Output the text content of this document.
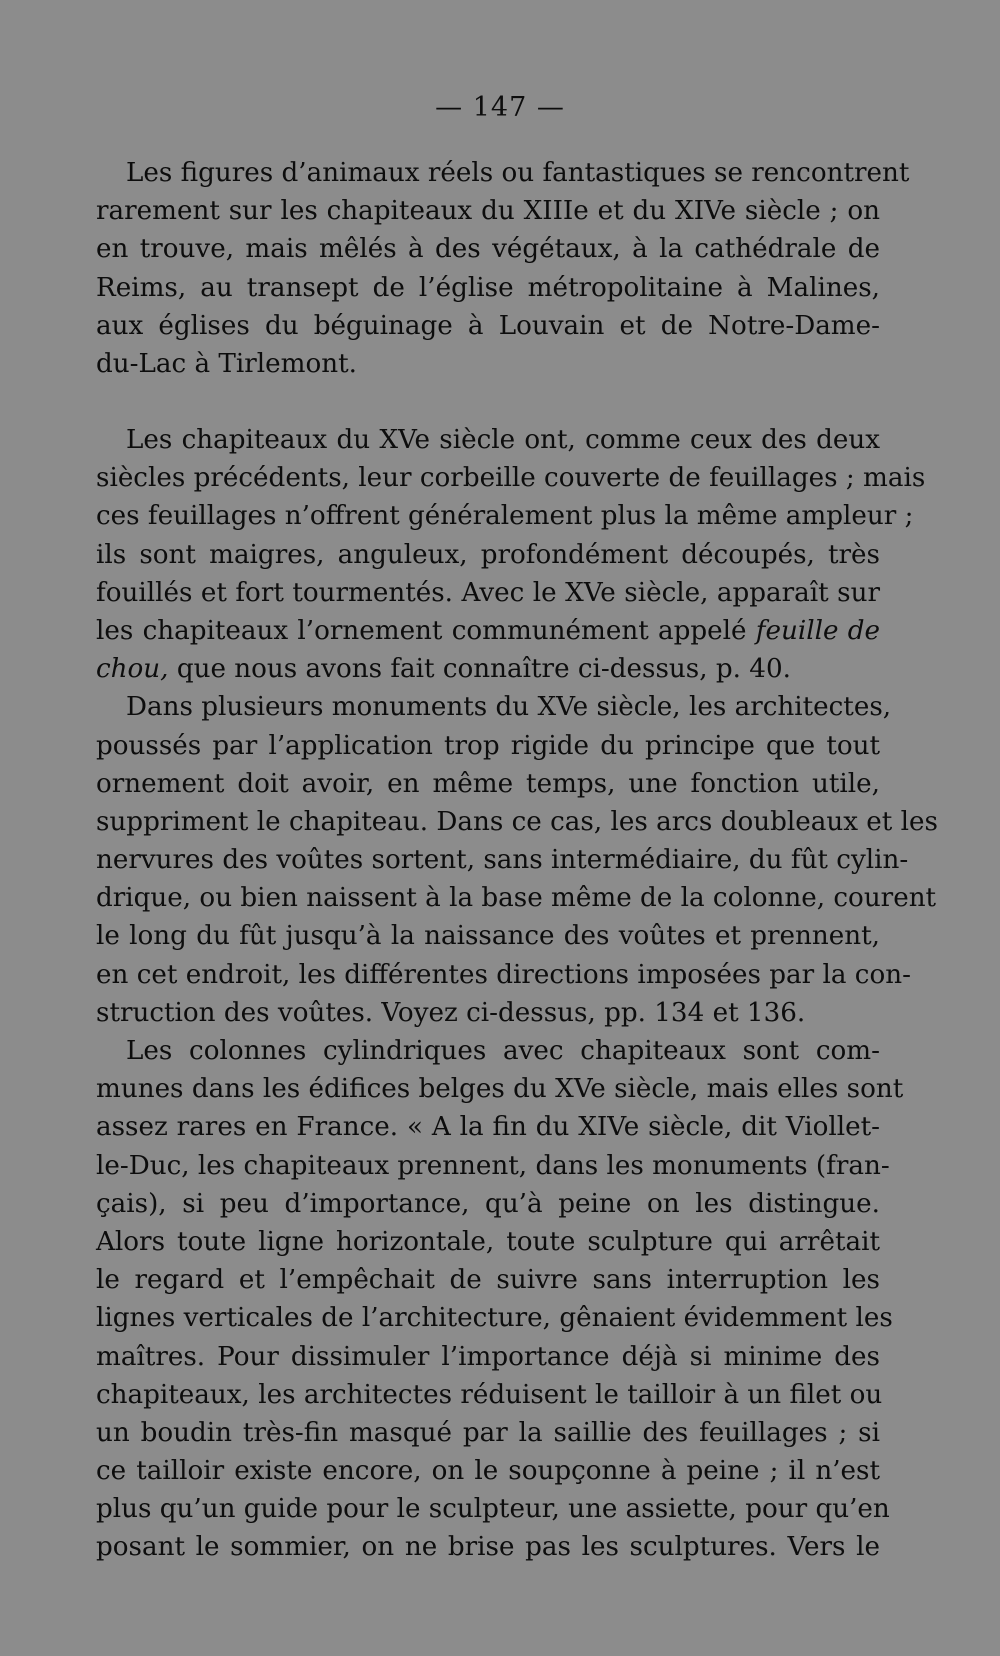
— 147 —
Les figures d’animaux réels ou fantastiques se rencontrent
rarement sur les chapiteaux du XIIIe et du XIVe siècle ; on
en trouve, mais mêlés à des végétaux, à la cathédrale de
Reims, au transept de l’église métropolitaine à Malines,
aux églises du béguinage à Louvain et de Notre-Dame-
du-Lac à Tirlemont.
Les chapiteaux du XVe siècle ont, comme ceux des deux
siècles précédents, leur corbeille couverte de feuillages ; mais
ces feuillages n’offrent généralement plus la même ampleur ;
ils sont maigres, anguleux, profondément découpés, très
fouillés et fort tourmentés. Avec le XVe siècle, apparaît sur
les chapiteaux l’ornement communément appelé feuille de
chou, que nous avons fait connaître ci-dessus, p. 40.
Dans plusieurs monuments du XVe siècle, les architectes,
poussés par l’application trop rigide du principe que tout
ornement doit avoir, en même temps, une fonction utile,
suppriment le chapiteau. Dans ce cas, les arcs doubleaux et les
nervures des voûtes sortent, sans intermédiaire, du fût cylin-
drique, ou bien naissent à la base même de la colonne, courent
le long du fût jusqu’à la naissance des voûtes et prennent,
en cet endroit, les différentes directions imposées par la con-
struction des voûtes. Voyez ci-dessus, pp. 134 et 136.
Les colonnes cylindriques avec chapiteaux sont com-
munes dans les édifices belges du XVe siècle, mais elles sont
assez rares en France. « A la fin du XIVe siècle, dit Viollet-
le-Duc, les chapiteaux prennent, dans les monuments (fran-
çais), si peu d’importance, qu’à peine on les distingue.
Alors toute ligne horizontale, toute sculpture qui arrêtait
le regard et l’empêchait de suivre sans interruption les
lignes verticales de l’architecture, gênaient évidemment les
maîtres. Pour dissimuler l’importance déjà si minime des
chapiteaux, les architectes réduisent le tailloir à un filet ou
un boudin très-fin masqué par la saillie des feuillages ; si
ce tailloir existe encore, on le soupçonne à peine ; il n’est
plus qu’un guide pour le sculpteur, une assiette, pour qu’en
posant le sommier, on ne brise pas les sculptures. Vers le
